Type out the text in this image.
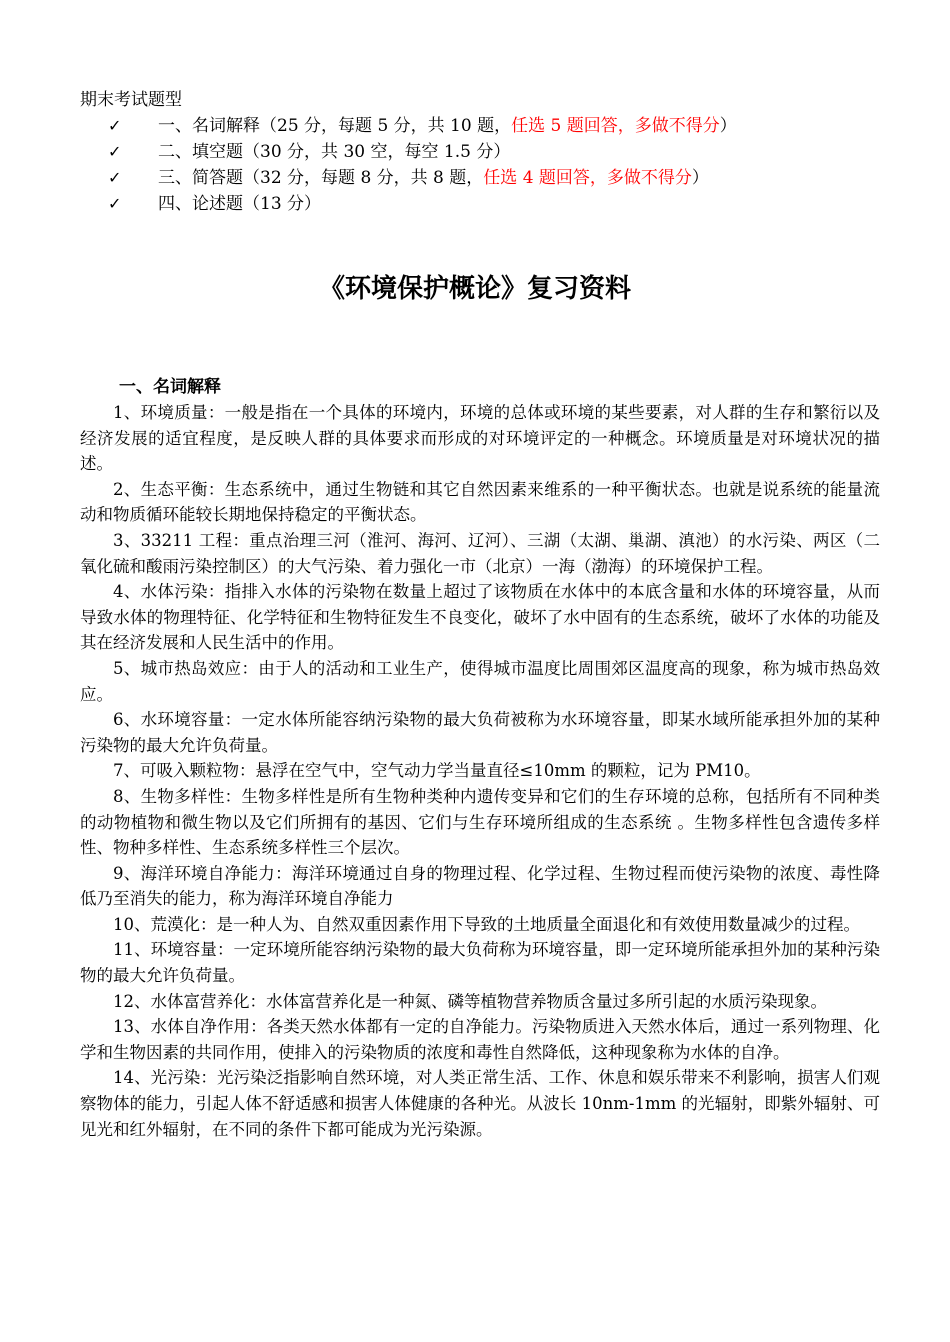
期末考试题型
✓ 一、名词解释（25 分，每题 5 分，共 10 题，任选 5 题回答，多做不得分）
✓ 二、填空题（30 分，共 30 空，每空 1.5 分）
✓ 三、简答题（32 分，每题 8 分，共 8 题，任选 4 题回答，多做不得分）
✓ 四、论述题（13 分）
《环境保护概论》复习资料
一、名词解释

1、环境质量：一般是指在一个具体的环境内，环境的总体或环境的某些要素，对人群的生存和繁衍以及经济发展的适宜程度，是反映人群的具体要求而形成的对环境评定的一种概念。环境质量是对环境状况的描述。

2、生态平衡：生态系统中，通过生物链和其它自然因素来维系的一种平衡状态。也就是说系统的能量流动和物质循环能较长期地保持稳定的平衡状态。

3、33211 工程：重点治理三河（淮河、海河、辽河）、三湖（太湖、巢湖、滇池）的水污染、两区（二氧化硫和酸雨污染控制区）的大气污染、着力强化一市（北京）一海（渤海）的环境保护工程。

4、水体污染：指排入水体的污染物在数量上超过了该物质在水体中的本底含量和水体的环境容量，从而导致水体的物理特征、化学特征和生物特征发生不良变化，破坏了水中固有的生态系统，破坏了水体的功能及其在经济发展和人民生活中的作用。

5、城市热岛效应：由于人的活动和工业生产，使得城市温度比周围郊区温度高的现象，称为城市热岛效应。

6、水环境容量：一定水体所能容纳污染物的最大负荷被称为水环境容量，即某水域所能承担外加的某种污染物的最大允许负荷量。

7、可吸入颗粒物：悬浮在空气中，空气动力学当量直径≤10mm 的颗粒，记为 PM10。

8、生物多样性：生物多样性是所有生物种类种内遗传变异和它们的生存环境的总称，包括所有不同种类的动物植物和微生物以及它们所拥有的基因、它们与生存环境所组成的生态系统 。生物多样性包含遗传多样性、物种多样性、生态系统多样性三个层次。

9、海洋环境自净能力：海洋环境通过自身的物理过程、化学过程、生物过程而使污染物的浓度、毒性降低乃至消失的能力，称为海洋环境自净能力

10、荒漠化：是一种人为、自然双重因素作用下导致的土地质量全面退化和有效使用数量减少的过程。

11、环境容量：一定环境所能容纳污染物的最大负荷称为环境容量，即一定环境所能承担外加的某种污染物的最大允许负荷量。

12、水体富营养化：水体富营养化是一种氮、磷等植物营养物质含量过多所引起的水质污染现象。

13、水体自净作用：各类天然水体都有一定的自净能力。污染物质进入天然水体后，通过一系列物理、化学和生物因素的共同作用，使排入的污染物质的浓度和毒性自然降低，这种现象称为水体的自净。

14、光污染：光污染泛指影响自然环境，对人类正常生活、工作、休息和娱乐带来不利影响，损害人们观察物体的能力，引起人体不舒适感和损害人体健康的各种光。从波长 10nm-1mm 的光辐射，即紫外辐射、可见光和红外辐射，在不同的条件下都可能成为光污染源。
